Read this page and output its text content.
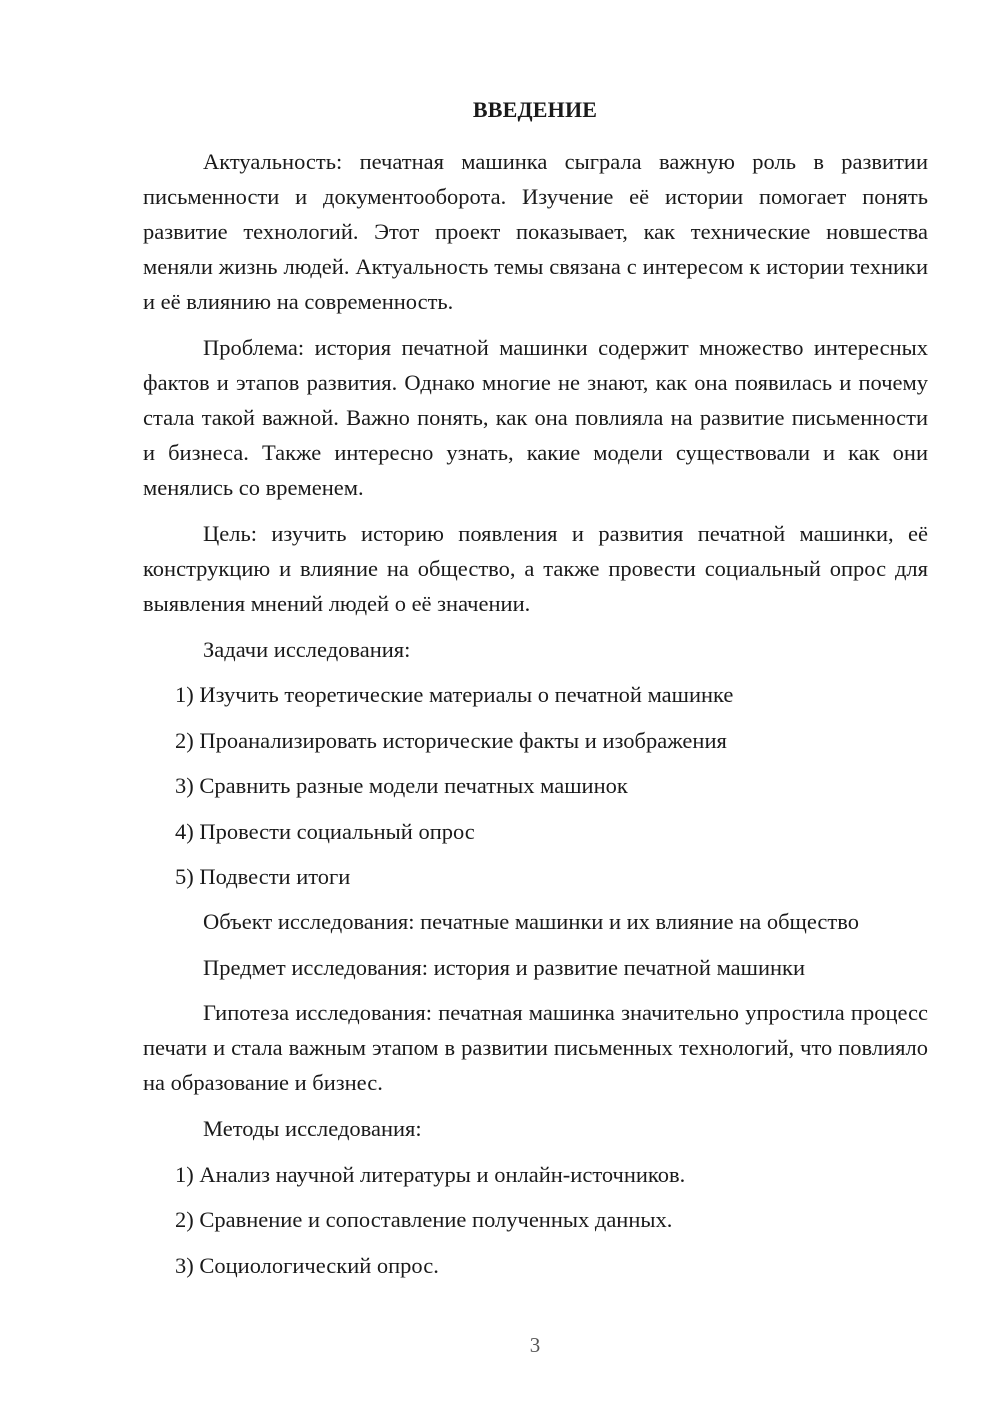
ВВЕДЕНИЕ

Актуальность: печатная машинка сыграла важную роль в развитии письменности и документооборота. Изучение её истории помогает понять развитие технологий. Этот проект показывает, как технические новшества меняли жизнь людей. Актуальность темы связана с интересом к истории техники и её влиянию на современность.

Проблема: история печатной машинки содержит множество интересных фактов и этапов развития. Однако многие не знают, как она появилась и почему стала такой важной. Важно понять, как она повлияла на развитие письменности и бизнеса. Также интересно узнать, какие модели существовали и как они менялись со временем.

Цель: изучить историю появления и развития печатной машинки, её конструкцию и влияние на общество, а также провести социальный опрос для выявления мнений людей о её значении.

Задачи исследования:

1) Изучить теоретические материалы о печатной машинке

2) Проанализировать исторические факты и изображения

3) Сравнить разные модели печатных машинок

4) Провести социальный опрос

5) Подвести итоги

Объект исследования: печатные машинки и их влияние на общество

Предмет исследования: история и развитие печатной машинки

Гипотеза исследования: печатная машинка значительно упростила процесс печати и стала важным этапом в развитии письменных технологий, что повлияло на образование и бизнес.

Методы исследования:

1) Анализ научной литературы и онлайн-источников.

2) Сравнение и сопоставление полученных данных.

3) Социологический опрос.

3
